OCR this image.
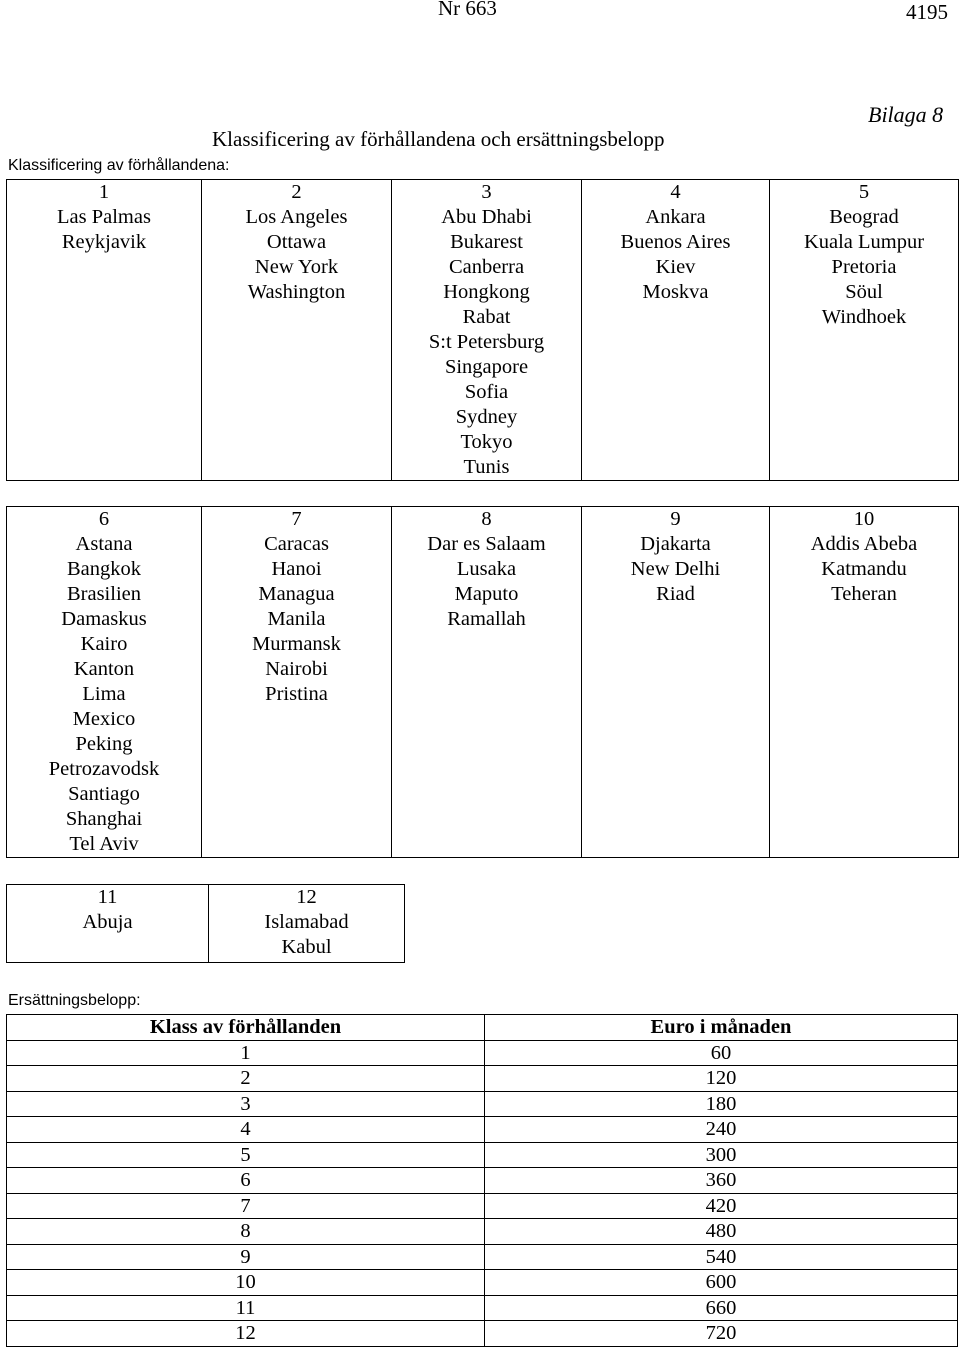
Nr 663	4195
Bilaga 8
Klassificering av förhållandena och ersättningsbelopp
Klassificering av förhållandena:
1
Las Palmas
Reykjavik

2
Los Angeles
Ottawa
New York
Washington

3
Abu Dhabi
Bukarest
Canberra
Hongkong
Rabat
S:t Petersburg
Singapore
Sofia
Sydney
Tokyo
Tunis

4
Ankara
Buenos Aires
Kiev
Moskva

5
Beograd
Kuala Lumpur
Pretoria
Söul
Windhoek
6
Astana
Bangkok
Brasilien
Damaskus
Kairo
Kanton
Lima
Mexico
Peking
Petrozavodsk
Santiago
Shanghai
Tel Aviv

7
Caracas
Hanoi
Managua
Manila
Murmansk
Nairobi
Pristina

8
Dar es Salaam
Lusaka
Maputo
Ramallah

9
Djakarta
New Delhi
Riad

10
Addis Abeba
Katmandu
Teheran
11
Abuja

12
Islamabad
Kabul
Ersättningsbelopp:
Klass av förhållanden	Euro i månaden
1	60
2	120
3	180
4	240
5	300
6	360
7	420
8	480
9	540
10	600
11	660
12	720
